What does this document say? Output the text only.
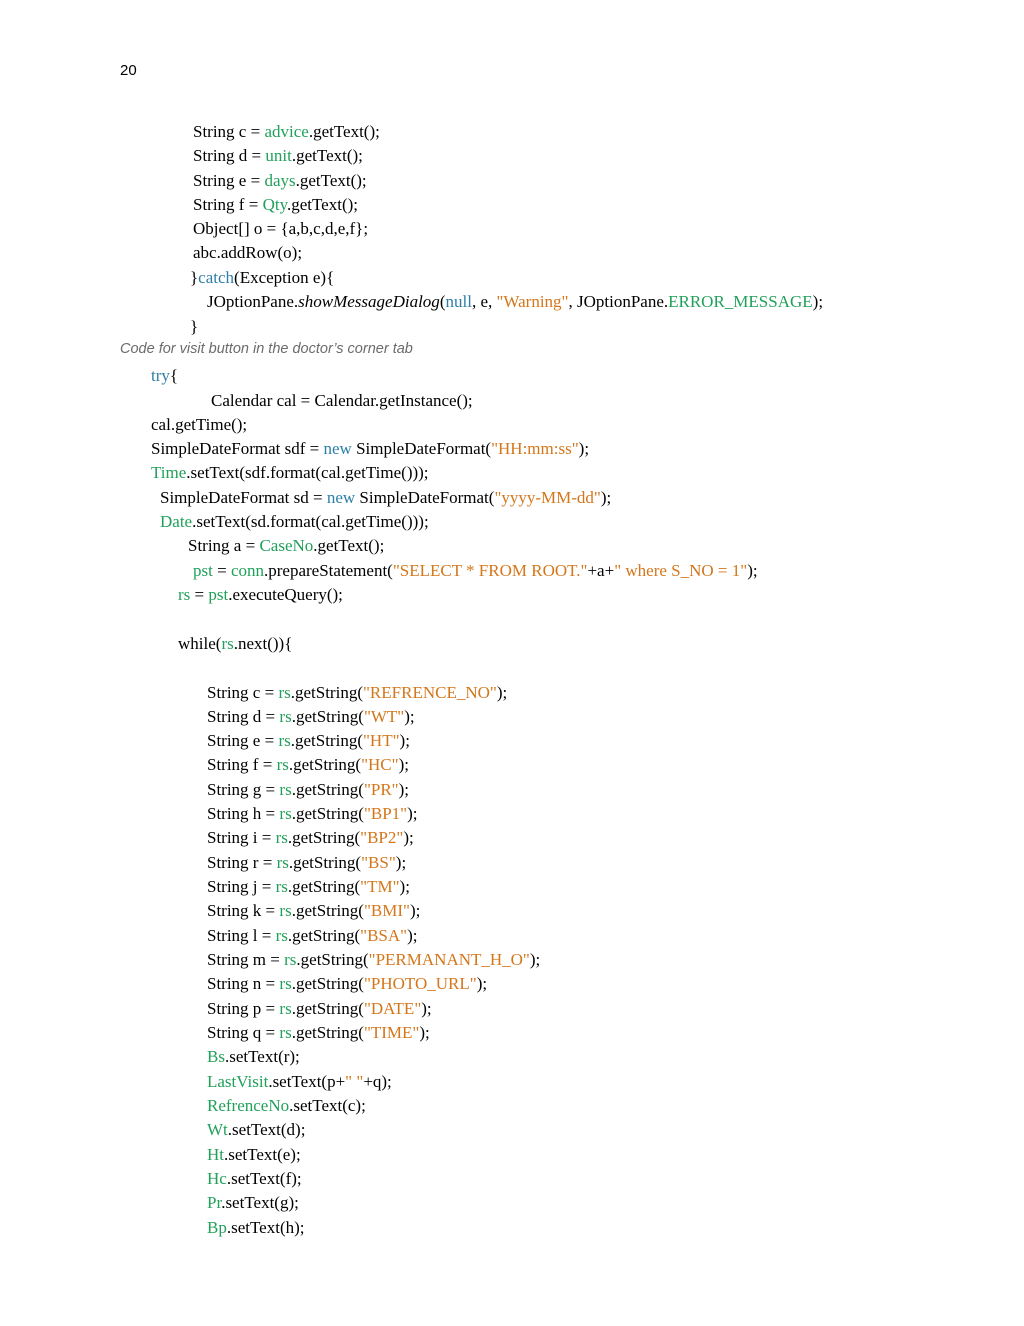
20
String c = advice.getText();
String d = unit.getText();
String e = days.getText();
String f = Qty.getText();
Object[] o = {a,b,c,d,e,f};
abc.addRow(o);
}catch(Exception e){
JOptionPane.showMessageDialog(null, e, "Warning", JOptionPane.ERROR_MESSAGE);
}
Code for visit button in the doctor’s corner tab
try{
Calendar cal = Calendar.getInstance();
cal.getTime();
SimpleDateFormat sdf = new SimpleDateFormat("HH:mm:ss");
Time.setText(sdf.format(cal.getTime()));
SimpleDateFormat sd = new SimpleDateFormat("yyyy-MM-dd");
Date.setText(sd.format(cal.getTime()));
String a = CaseNo.getText();
pst = conn.prepareStatement("SELECT * FROM ROOT."+a+" where S_NO = 1");
rs = pst.executeQuery();
while(rs.next()){
String c = rs.getString("REFRENCE_NO");
String d = rs.getString("WT");
String e = rs.getString("HT");
String f = rs.getString("HC");
String g = rs.getString("PR");
String h = rs.getString("BP1");
String i = rs.getString("BP2");
String r = rs.getString("BS");
String j = rs.getString("TM");
String k = rs.getString("BMI");
String l = rs.getString("BSA");
String m = rs.getString("PERMANANT_H_O");
String n = rs.getString("PHOTO_URL");
String p = rs.getString("DATE");
String q = rs.getString("TIME");
Bs.setText(r);
LastVisit.setText(p+" "+q);
RefrenceNo.setText(c);
Wt.setText(d);
Ht.setText(e);
Hc.setText(f);
Pr.setText(g);
Bp.setText(h);
